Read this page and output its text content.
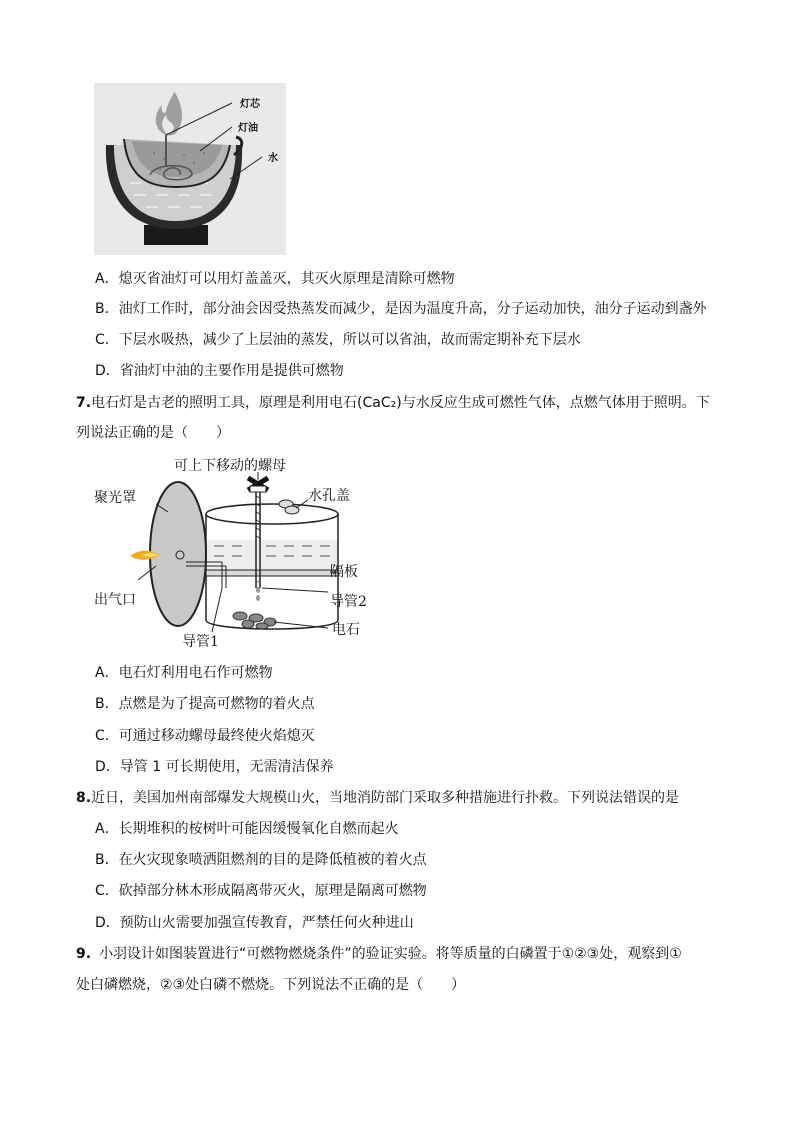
灯芯
灯油
水
A．熄灭省油灯可以用灯盖盖灭，其灭火原理是清除可燃物
B．油灯工作时，部分油会因受热蒸发而减少，是因为温度升高，分子运动加快，油分子运动到盏外
C．下层水吸热，减少了上层油的蒸发，所以可以省油，故而需定期补充下层水
D．省油灯中油的主要作用是提供可燃物
7.电石灯是古老的照明工具，原理是利用电石(CaC₂)与水反应生成可燃性气体，点燃气体用于照明。下
列说法正确的是（　　）
可上下移动的螺母
聚光罩	水孔盖
隔板
出气口	导管2
电石
导管1
A．电石灯利用电石作可燃物
B．点燃是为了提高可燃物的着火点
C．可通过移动螺母最终使火焰熄灭
D．导管 1 可长期使用，无需清洁保养
8.近日，美国加州南部爆发大规模山火，当地消防部门采取多种措施进行扑救。下列说法错误的是
A．长期堆积的桉树叶可能因缓慢氧化自燃而起火
B．在火灾现象喷洒阻燃剂的目的是降低植被的着火点
C．砍掉部分林木形成隔离带灭火，原理是隔离可燃物
D．预防山火需要加强宣传教育，严禁任何火种进山
9. 小羽设计如图装置进行“可燃物燃烧条件”的验证实验。将等质量的白磷置于①②③处，观察到①
处白磷燃烧，②③处白磷不燃烧。下列说法不正确的是（　　）
